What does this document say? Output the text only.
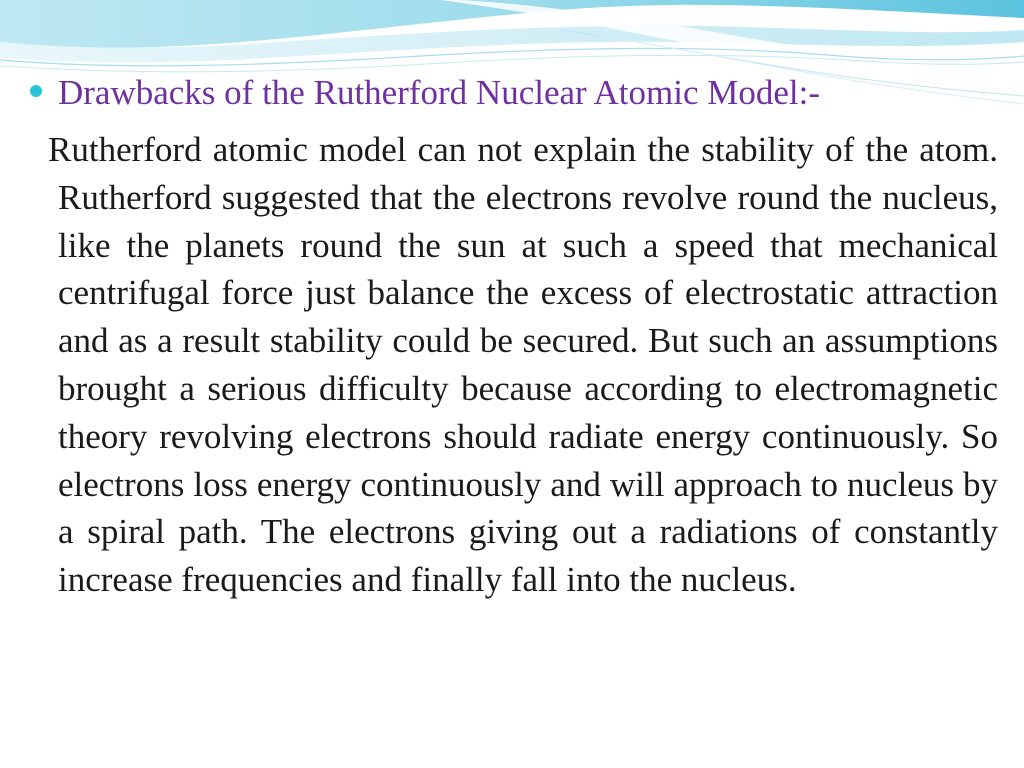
Drawbacks of the Rutherford Nuclear Atomic Model:-

Rutherford atomic model can not explain the stability of the atom. Rutherford suggested that the electrons revolve round the nucleus, like the planets round the sun at such a speed that mechanical centrifugal force just balance the excess of electrostatic attraction and as a result stability could be secured. But such an assumptions brought a serious difficulty because according to electromagnetic theory revolving electrons should radiate energy continuously. So electrons loss energy continuously and will approach to nucleus by a spiral path. The electrons giving out a radiations of constantly increase frequencies and finally fall into the nucleus.
